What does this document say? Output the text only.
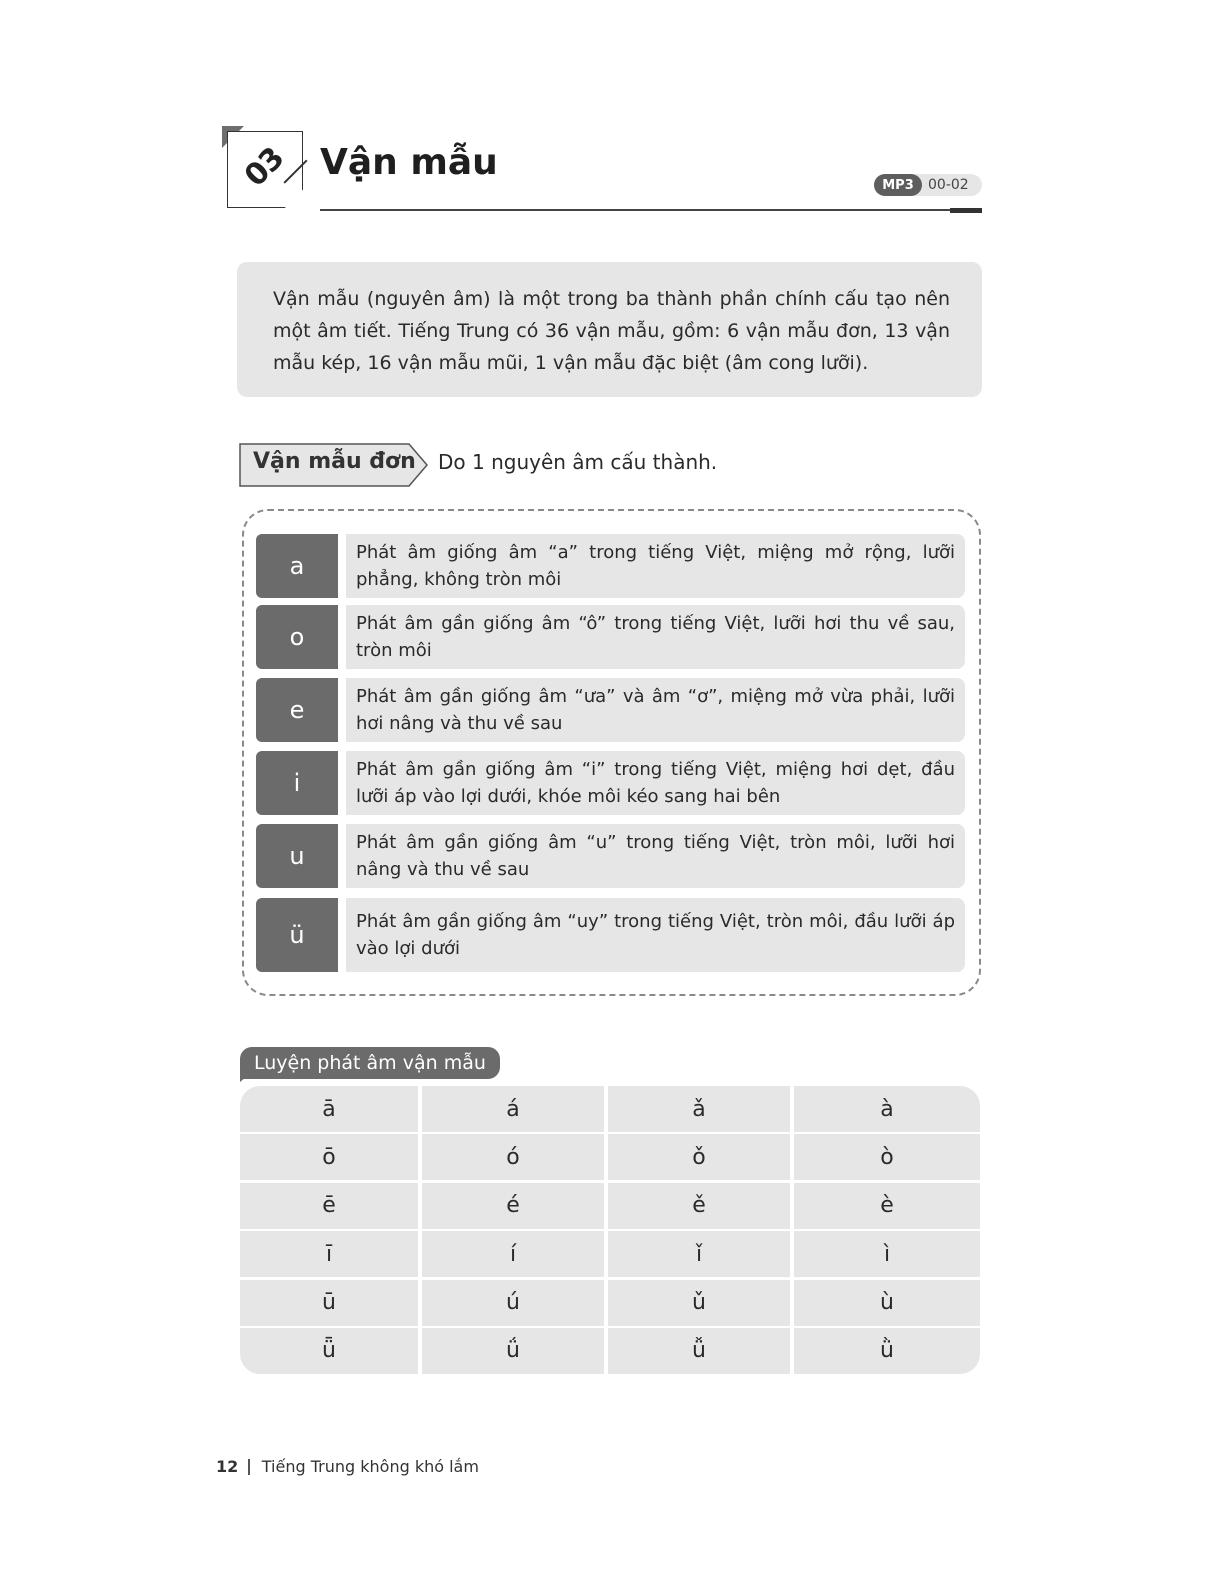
03 Vận mẫu
MP3	00-02

Vận mẫu (nguyên âm) là một trong ba thành phần chính cấu tạo nên một âm tiết. Tiếng Trung có 36 vận mẫu, gồm: 6 vận mẫu đơn, 13 vận mẫu kép, 16 vận mẫu mũi, 1 vận mẫu đặc biệt (âm cong lưỡi).

Vận mẫu đơn Do 1 nguyên âm cấu thành.
a	Phát âm giống âm “a” trong tiếng Việt, miệng mở rộng, lưỡi phẳng, không tròn môi
o	Phát âm gần giống âm “ô” trong tiếng Việt, lưỡi hơi thu về sau, tròn môi
e	Phát âm gần giống âm “ưa” và âm “ơ”, miệng mở vừa phải, lưỡi hơi nâng và thu về sau
i	Phát âm gần giống âm “i” trong tiếng Việt, miệng hơi dẹt, đầu lưỡi áp vào lợi dưới, khóe môi kéo sang hai bên
u	Phát âm gần giống âm “u” trong tiếng Việt, tròn môi, lưỡi hơi nâng và thu về sau
ü	Phát âm gần giống âm “uy” trong tiếng Việt, tròn môi, đầu lưỡi áp vào lợi dưới
Luyện phát âm vận mẫu
ā	á	ǎ	à
ō	ó	ǒ	ò
ē	é	ě	è
ī	í	ǐ	ì
ū	ú	ǔ	ù
ǖ	ǘ	ǚ	ǜ
12 Tiếng Trung không khó lắm
